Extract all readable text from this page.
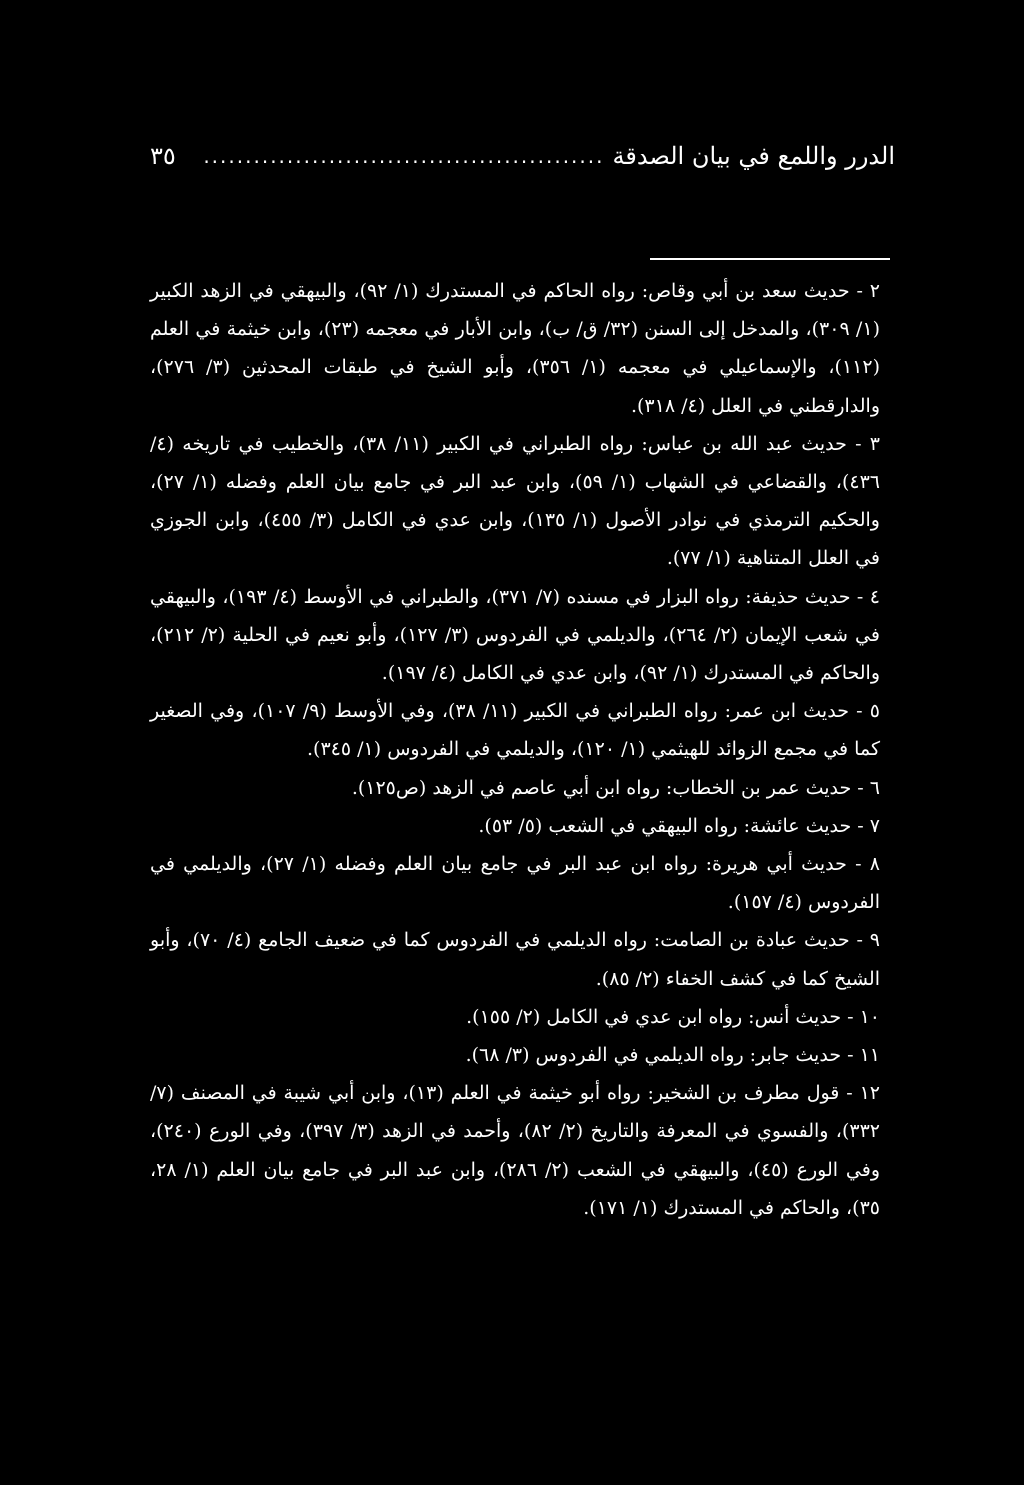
الدرر واللمع في بيان الصدقة
................................................
٣٥

٢ - حديث سعد بن أبي وقاص: رواه الحاكم في المستدرك (١/ ٩٢)، والبيهقي في الزهد الكبير (١/ ٣٠٩)، والمدخل إلى السنن (٣٢/ ق/ ب)، وابن الأبار في معجمه (٢٣)، وابن خيثمة في العلم (١١٢)، والإسماعيلي في معجمه (١/ ٣٥٦)، وأبو الشيخ في طبقات المحدثين (٣/ ٢٧٦)، والدارقطني في العلل (٤/ ٣١٨).

٣ - حديث عبد الله بن عباس: رواه الطبراني في الكبير (١١/ ٣٨)، والخطيب في تاريخه (٤/ ٤٣٦)، والقضاعي في الشهاب (١/ ٥٩)، وابن عبد البر في جامع بيان العلم وفضله (١/ ٢٧)، والحكيم الترمذي في نوادر الأصول (١/ ١٣٥)، وابن عدي في الكامل (٣/ ٤٥٥)، وابن الجوزي في العلل المتناهية (١/ ٧٧).

٤ - حديث حذيفة: رواه البزار في مسنده (٧/ ٣٧١)، والطبراني في الأوسط (٤/ ١٩٣)، والبيهقي في شعب الإيمان (٢/ ٢٦٤)، والديلمي في الفردوس (٣/ ١٢٧)، وأبو نعيم في الحلية (٢/ ٢١٢)، والحاكم في المستدرك (١/ ٩٢)، وابن عدي في الكامل (٤/ ١٩٧).

٥ - حديث ابن عمر: رواه الطبراني في الكبير (١١/ ٣٨)، وفي الأوسط (٩/ ١٠٧)، وفي الصغير كما في مجمع الزوائد للهيثمي (١/ ١٢٠)، والديلمي في الفردوس (١/ ٣٤٥).

٦ - حديث عمر بن الخطاب: رواه ابن أبي عاصم في الزهد (ص١٢٥).

٧ - حديث عائشة: رواه البيهقي في الشعب (٥/ ٥٣).

٨ - حديث أبي هريرة: رواه ابن عبد البر في جامع بيان العلم وفضله (١/ ٢٧)، والديلمي في الفردوس (٤/ ١٥٧).

٩ - حديث عبادة بن الصامت: رواه الديلمي في الفردوس كما في ضعيف الجامع (٤/ ٧٠)، وأبو الشيخ كما في كشف الخفاء (٢/ ٨٥).

١٠ - حديث أنس: رواه ابن عدي في الكامل (٢/ ١٥٥).

١١ - حديث جابر: رواه الديلمي في الفردوس (٣/ ٦٨).

١٢ - قول مطرف بن الشخير: رواه أبو خيثمة في العلم (١٣)، وابن أبي شيبة في المصنف (٧/ ٣٣٢)، والفسوي في المعرفة والتاريخ (٢/ ٨٢)، وأحمد في الزهد (٣/ ٣٩٧)، وفي الورع (٢٤٠)، وفي الورع (٤٥)، والبيهقي في الشعب (٢/ ٢٨٦)، وابن عبد البر في جامع بيان العلم (١/ ٢٨، ٣٥)، والحاكم في المستدرك (١/ ١٧١).
